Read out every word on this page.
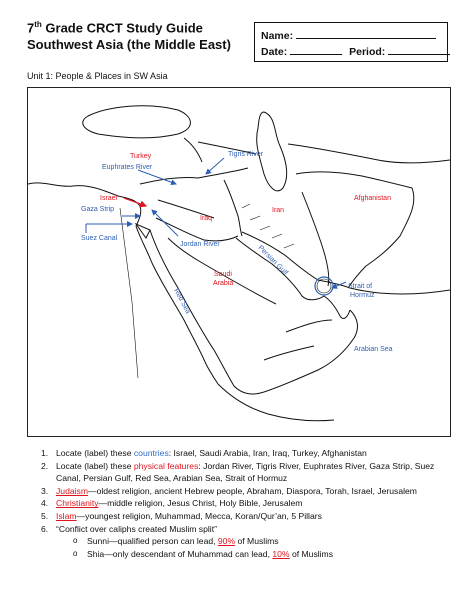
7th Grade CRCT Study Guide
Southwest Asia (the Middle East)
Name:
Date:	Period:
Unit 1: People & Places in SW Asia
Turkey
Israel
Iraq
Iran
Afghanistan
Saudi
Arabia
Euphrates River
Tigris River
Gaza Strip
Suez Canal
Jordan River	Persian Gulf
Red Sea
Strait of
Hormuz
Arabian Sea
1. Locate (label) these countries: Israel, Saudi Arabia, Iran, Iraq, Turkey, Afghanistan
2. Locate (label) these physical features: Jordan River, Tigris River, Euphrates River, Gaza Strip, Suez Canal, Persian Gulf, Red Sea, Arabian Sea, Strait of Hormuz
3. Judaism—oldest religion, ancient Hebrew people, Abraham, Diaspora, Torah, Israel, Jerusalem
4. Christianity—middle religion, Jesus Christ, Holy Bible, Jerusalem
5. Islam—youngest religion, Muhammad, Mecca, Koran/Qur’an, 5 Pillars
6. “Conflict over caliphs created Muslim split”
o Sunni—qualified person can lead, 90% of Muslims
o Shia—only descendant of Muhammad can lead, 10% of Muslims
